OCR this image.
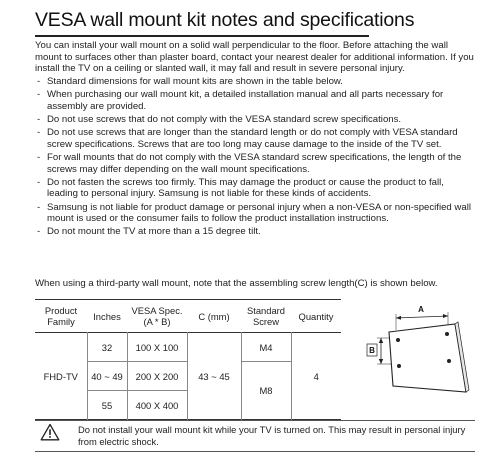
VESA wall mount kit notes and specifications

You can install your wall mount on a solid wall perpendicular to the floor. Before attaching the wall mount to surfaces other than plaster board, contact your nearest dealer for additional information. If you install the TV on a ceiling or slanted wall, it may fall and result in severe personal injury.

- Standard dimensions for wall mount kits are shown in the table below.
- When purchasing our wall mount kit, a detailed installation manual and all parts necessary for assembly are provided.
- Do not use screws that do not comply with the VESA standard screw specifications.
- Do not use screws that are longer than the standard length or do not comply with VESA standard screw specifications. Screws that are too long may cause damage to the inside of the TV set.
- For wall mounts that do not comply with the VESA standard screw specifications, the length of the screws may differ depending on the wall mount specifications.
- Do not fasten the screws too firmly. This may damage the product or cause the product to fall, leading to personal injury. Samsung is not liable for these kinds of accidents.
- Samsung is not liable for product damage or personal injury when a non-VESA or non-specified wall mount is used or the consumer fails to follow the product installation instructions.
- Do not mount the TV at more than a 15 degree tilt.

When using a third-party wall mount, note that the assembling screw length(C) is shown below.

Product Family	Inches	VESA Spec. (A * B)	C (mm)	Standard Screw	Quantity
FHD-TV	32	100 X 100	43 ~ 45	M4	4
	40 ~ 49	200 X 200		M8	
	55	400 X 400			
A
B

Do not install your wall mount kit while your TV is turned on. This may result in personal injury from electric shock.
